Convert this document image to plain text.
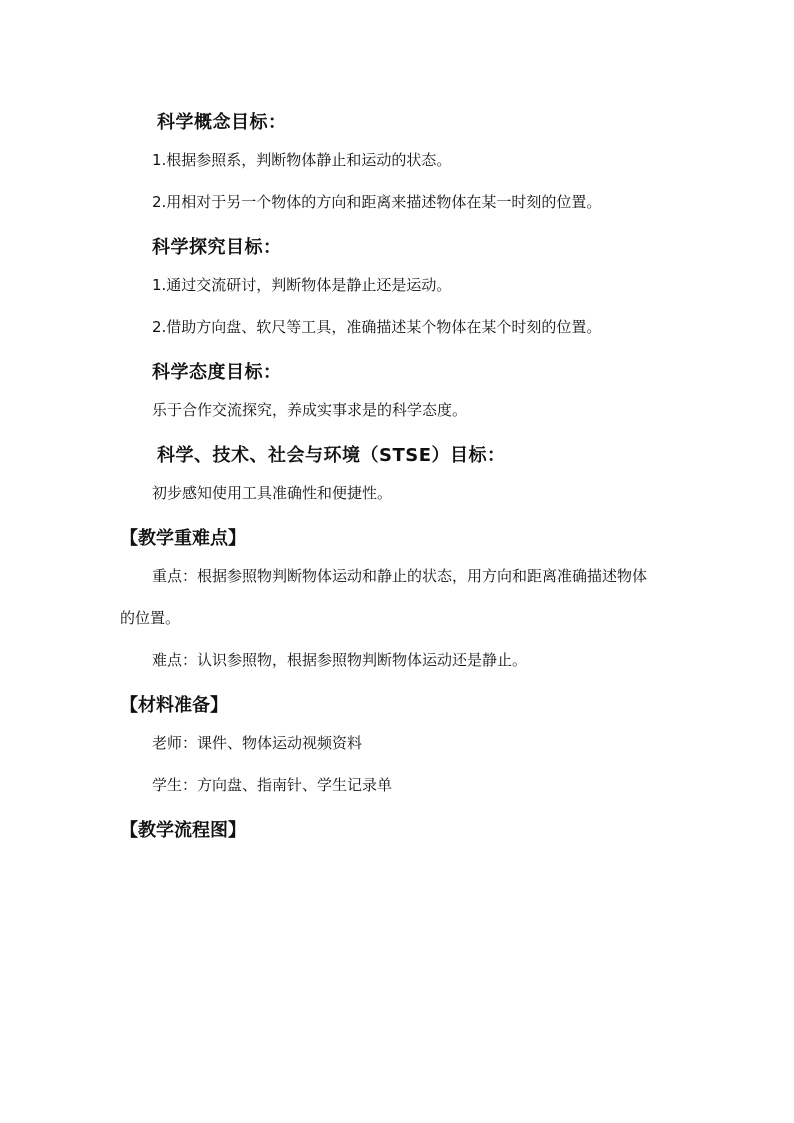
科学概念目标：
1.根据参照系，判断物体静止和运动的状态。
2.用相对于另一个物体的方向和距离来描述物体在某一时刻的位置。
科学探究目标：
1.通过交流研讨，判断物体是静止还是运动。
2.借助方向盘、软尺等工具，准确描述某个物体在某个时刻的位置。
科学态度目标：
乐于合作交流探究，养成实事求是的科学态度。
科学、技术、社会与环境（STSE）目标：
初步感知使用工具准确性和便捷性。
【教学重难点】
重点：根据参照物判断物体运动和静止的状态，用方向和距离准确描述物体
的位置。
难点：认识参照物，根据参照物判断物体运动还是静止。
【材料准备】
老师：课件、物体运动视频资料
学生：方向盘、指南针、学生记录单
【教学流程图】
